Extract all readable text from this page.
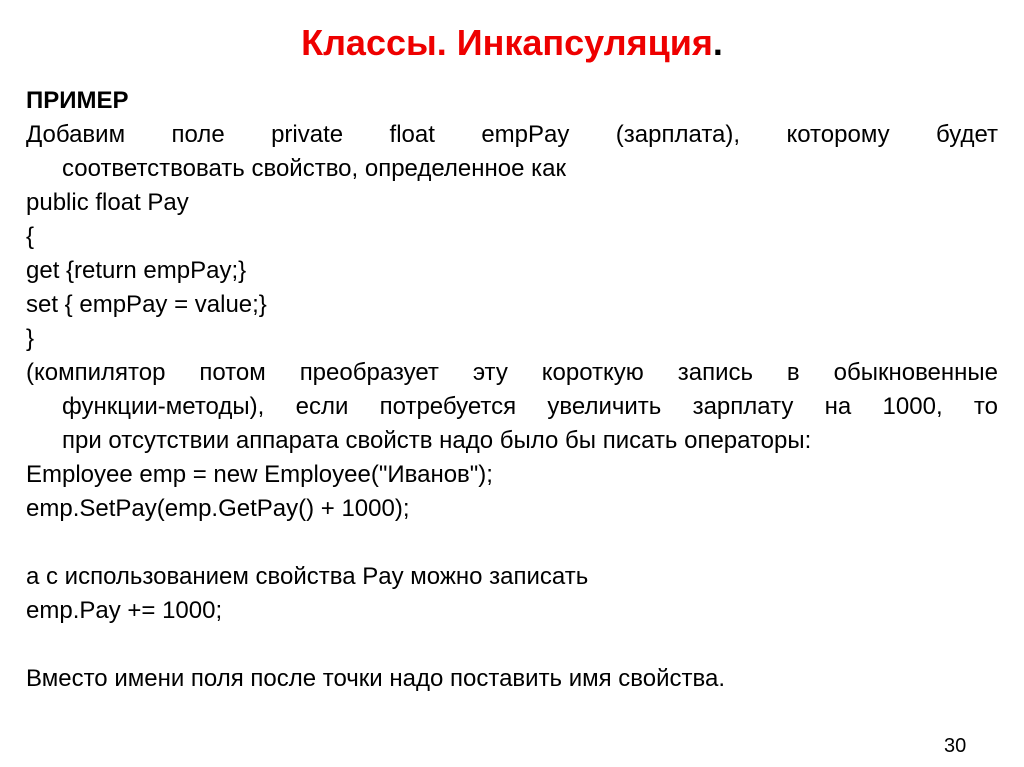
Классы. Инкапсуляция.
ПРИМЕР
Добавим поле private float empPay (зарплата), которому будет
соответствовать свойство, определенное как
public float Pay
{
get {return empPay;}
set { empPay = value;}
}
(компилятор потом преобразует эту короткую запись в обыкновенные
функции-методы), если потребуется увеличить зарплату на 1000, то
при отсутствии аппарата свойств надо было бы писать операторы:
Employee emp = new Employee("Иванов");
emp.SetPay(emp.GetPay() + 1000);
а с использованием свойства Pay можно записать
emp.Pay += 1000;
Вместо имени поля после точки надо поставить имя свойства.
30
